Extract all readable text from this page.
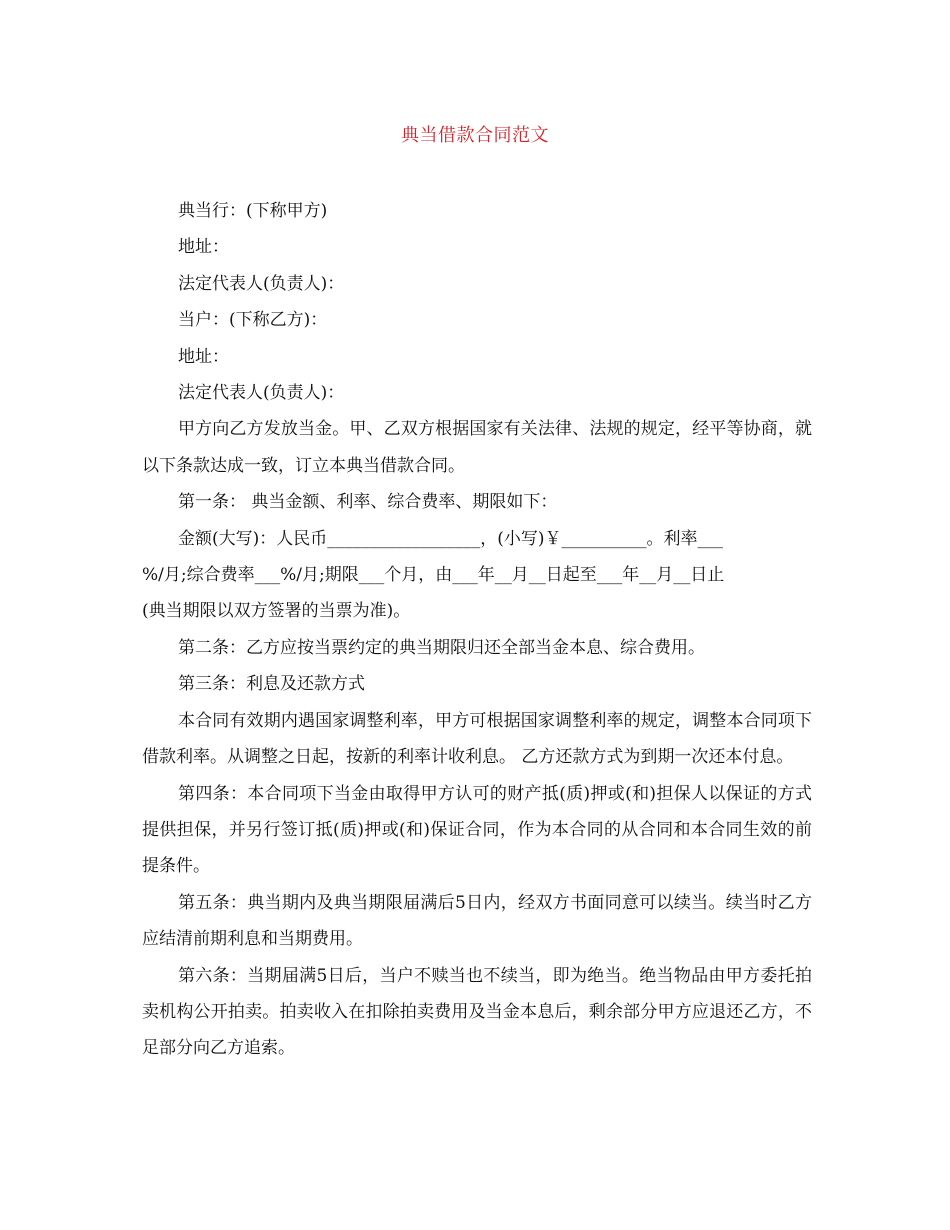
典当借款合同范文

典当行：(下称甲方)

地址：

法定代表人(负责人)：

当户：(下称乙方)：

地址：

法定代表人(负责人)：

甲方向乙方发放当金。甲、乙双方根据国家有关法律、法规的规定，经平等协商，就以下条款达成一致，订立本典当借款合同。

第一条： 典当金额、利率、综合费率、期限如下：

金额(大写)：人民币__________________，(小写)￥__________。利率___

%/月;综合费率___%/月;期限___个月，由___年__月__日起至___年__月__日止

(典当期限以双方签署的当票为准)。

第二条：乙方应按当票约定的典当期限归还全部当金本息、综合费用。

第三条：利息及还款方式

本合同有效期内遇国家调整利率，甲方可根据国家调整利率的规定，调整本合同项下借款利率。从调整之日起，按新的利率计收利息。 乙方还款方式为到期一次还本付息。

第四条：本合同项下当金由取得甲方认可的财产抵(质)押或(和)担保人以保证的方式提供担保，并另行签订抵(质)押或(和)保证合同，作为本合同的从合同和本合同生效的前提条件。

第五条：典当期内及典当期限届满后5日内，经双方书面同意可以续当。续当时乙方应结清前期利息和当期费用。

第六条：当期届满5日后，当户不赎当也不续当，即为绝当。绝当物品由甲方委托拍卖机构公开拍卖。拍卖收入在扣除拍卖费用及当金本息后，剩余部分甲方应退还乙方，不足部分向乙方追索。
